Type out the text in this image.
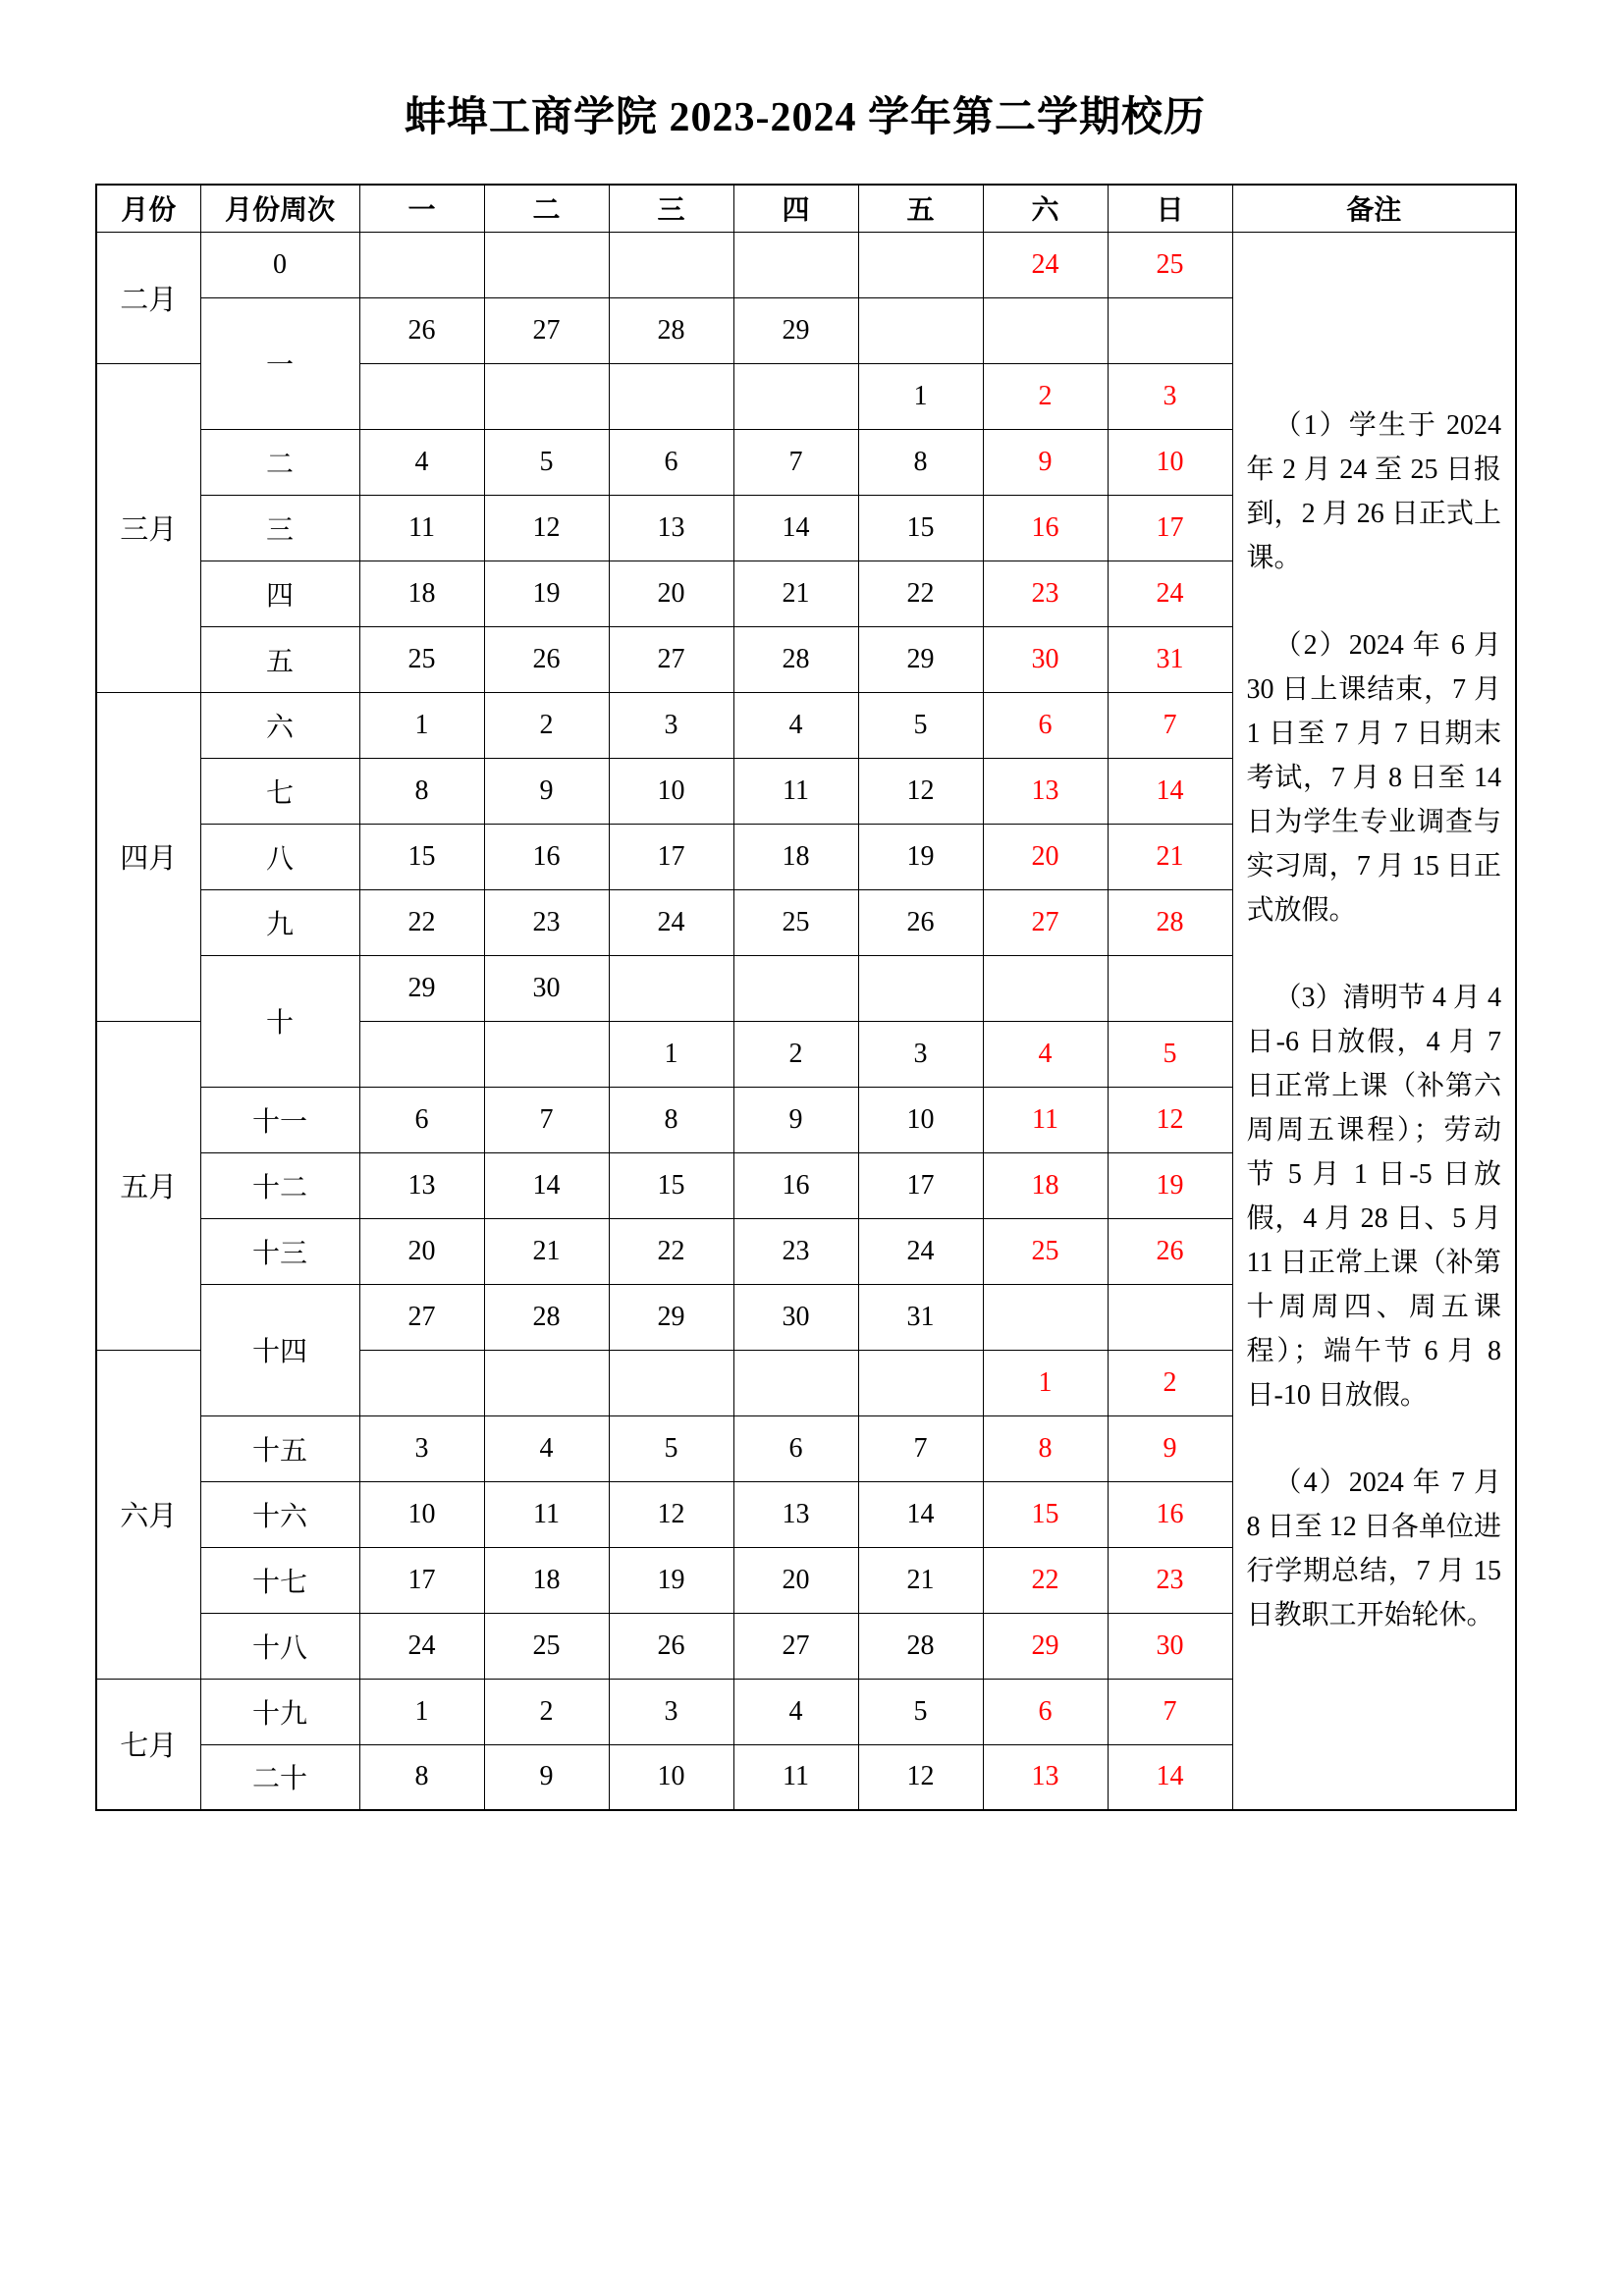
蚌埠工商学院 2023-2024 学年第二学期校历
月份	月份周次	一	二	三	四	五	六	日	备注
二月	0						24	25	（1）学生于 2024 年 2 月 24 至 25 日报到，2 月 26 日正式上课。

（2）2024 年 6 月 30 日上课结束，7 月 1 日至 7 月 7 日期末考试，7 月 8 日至 14 日为学生专业调查与实习周，7 月 15 日正式放假。

（3）清明节 4 月 4 日-6 日放假，4 月 7 日正常上课（补第六周周五课程）；劳动节 5 月 1 日-5 日放假，4 月 28 日、5 月 11 日正常上课（补第十周周四、周五课程）；端午节 6 月 8 日-10 日放假。

（4）2024 年 7 月 8 日至 12 日各单位进行学期总结，7 月 15 日教职工开始轮休。

	一	26	27	28	29				
三月						1	2	3	
	二	4	5	6	7	8	9	10	
	三	11	12	13	14	15	16	17	
	四	18	19	20	21	22	23	24	
	五	25	26	27	28	29	30	31	
四月	六	1	2	3	4	5	6	7	
	七	8	9	10	11	12	13	14	
	八	15	16	17	18	19	20	21	
	九	22	23	24	25	26	27	28	
	十	29	30						
五月				1	2	3	4	5	
	十一	6	7	8	9	10	11	12	
	十二	13	14	15	16	17	18	19	
	十三	20	21	22	23	24	25	26	
	十四	27	28	29	30	31			
六月							1	2	
	十五	3	4	5	6	7	8	9	
	十六	10	11	12	13	14	15	16	
	十七	17	18	19	20	21	22	23	
	十八	24	25	26	27	28	29	30	
七月	十九	1	2	3	4	5	6	7	
	二十	8	9	10	11	12	13	14	
